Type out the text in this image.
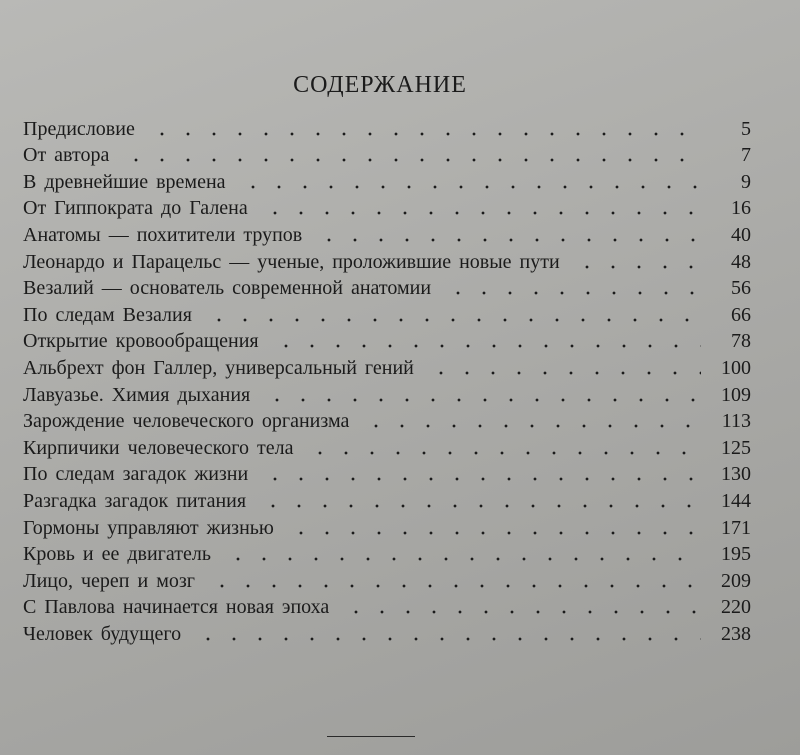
СОДЕРЖАНИЕ
Предисловие	5
От автора	7
В древнейшие времена	9
От Гиппократа до Галена	16
Анатомы — похитители трупов	40
Леонардо и Парацельс — ученые, проложившие новые пути	48
Везалий — основатель современной анатомии	56
По следам Везалия	66
Открытие кровообращения	78
Альбрехт фон Галлер, универсальный гений	100
Лавуазье. Химия дыхания	109
Зарождение человеческого организма	113
Кирпичики человеческого тела	125
По следам загадок жизни	130
Разгадка загадок питания	144
Гормоны управляют жизнью	171
Кровь и ее двигатель	195
Лицо, череп и мозг	209
С Павлова начинается новая эпоха	220
Человек будущего	238
